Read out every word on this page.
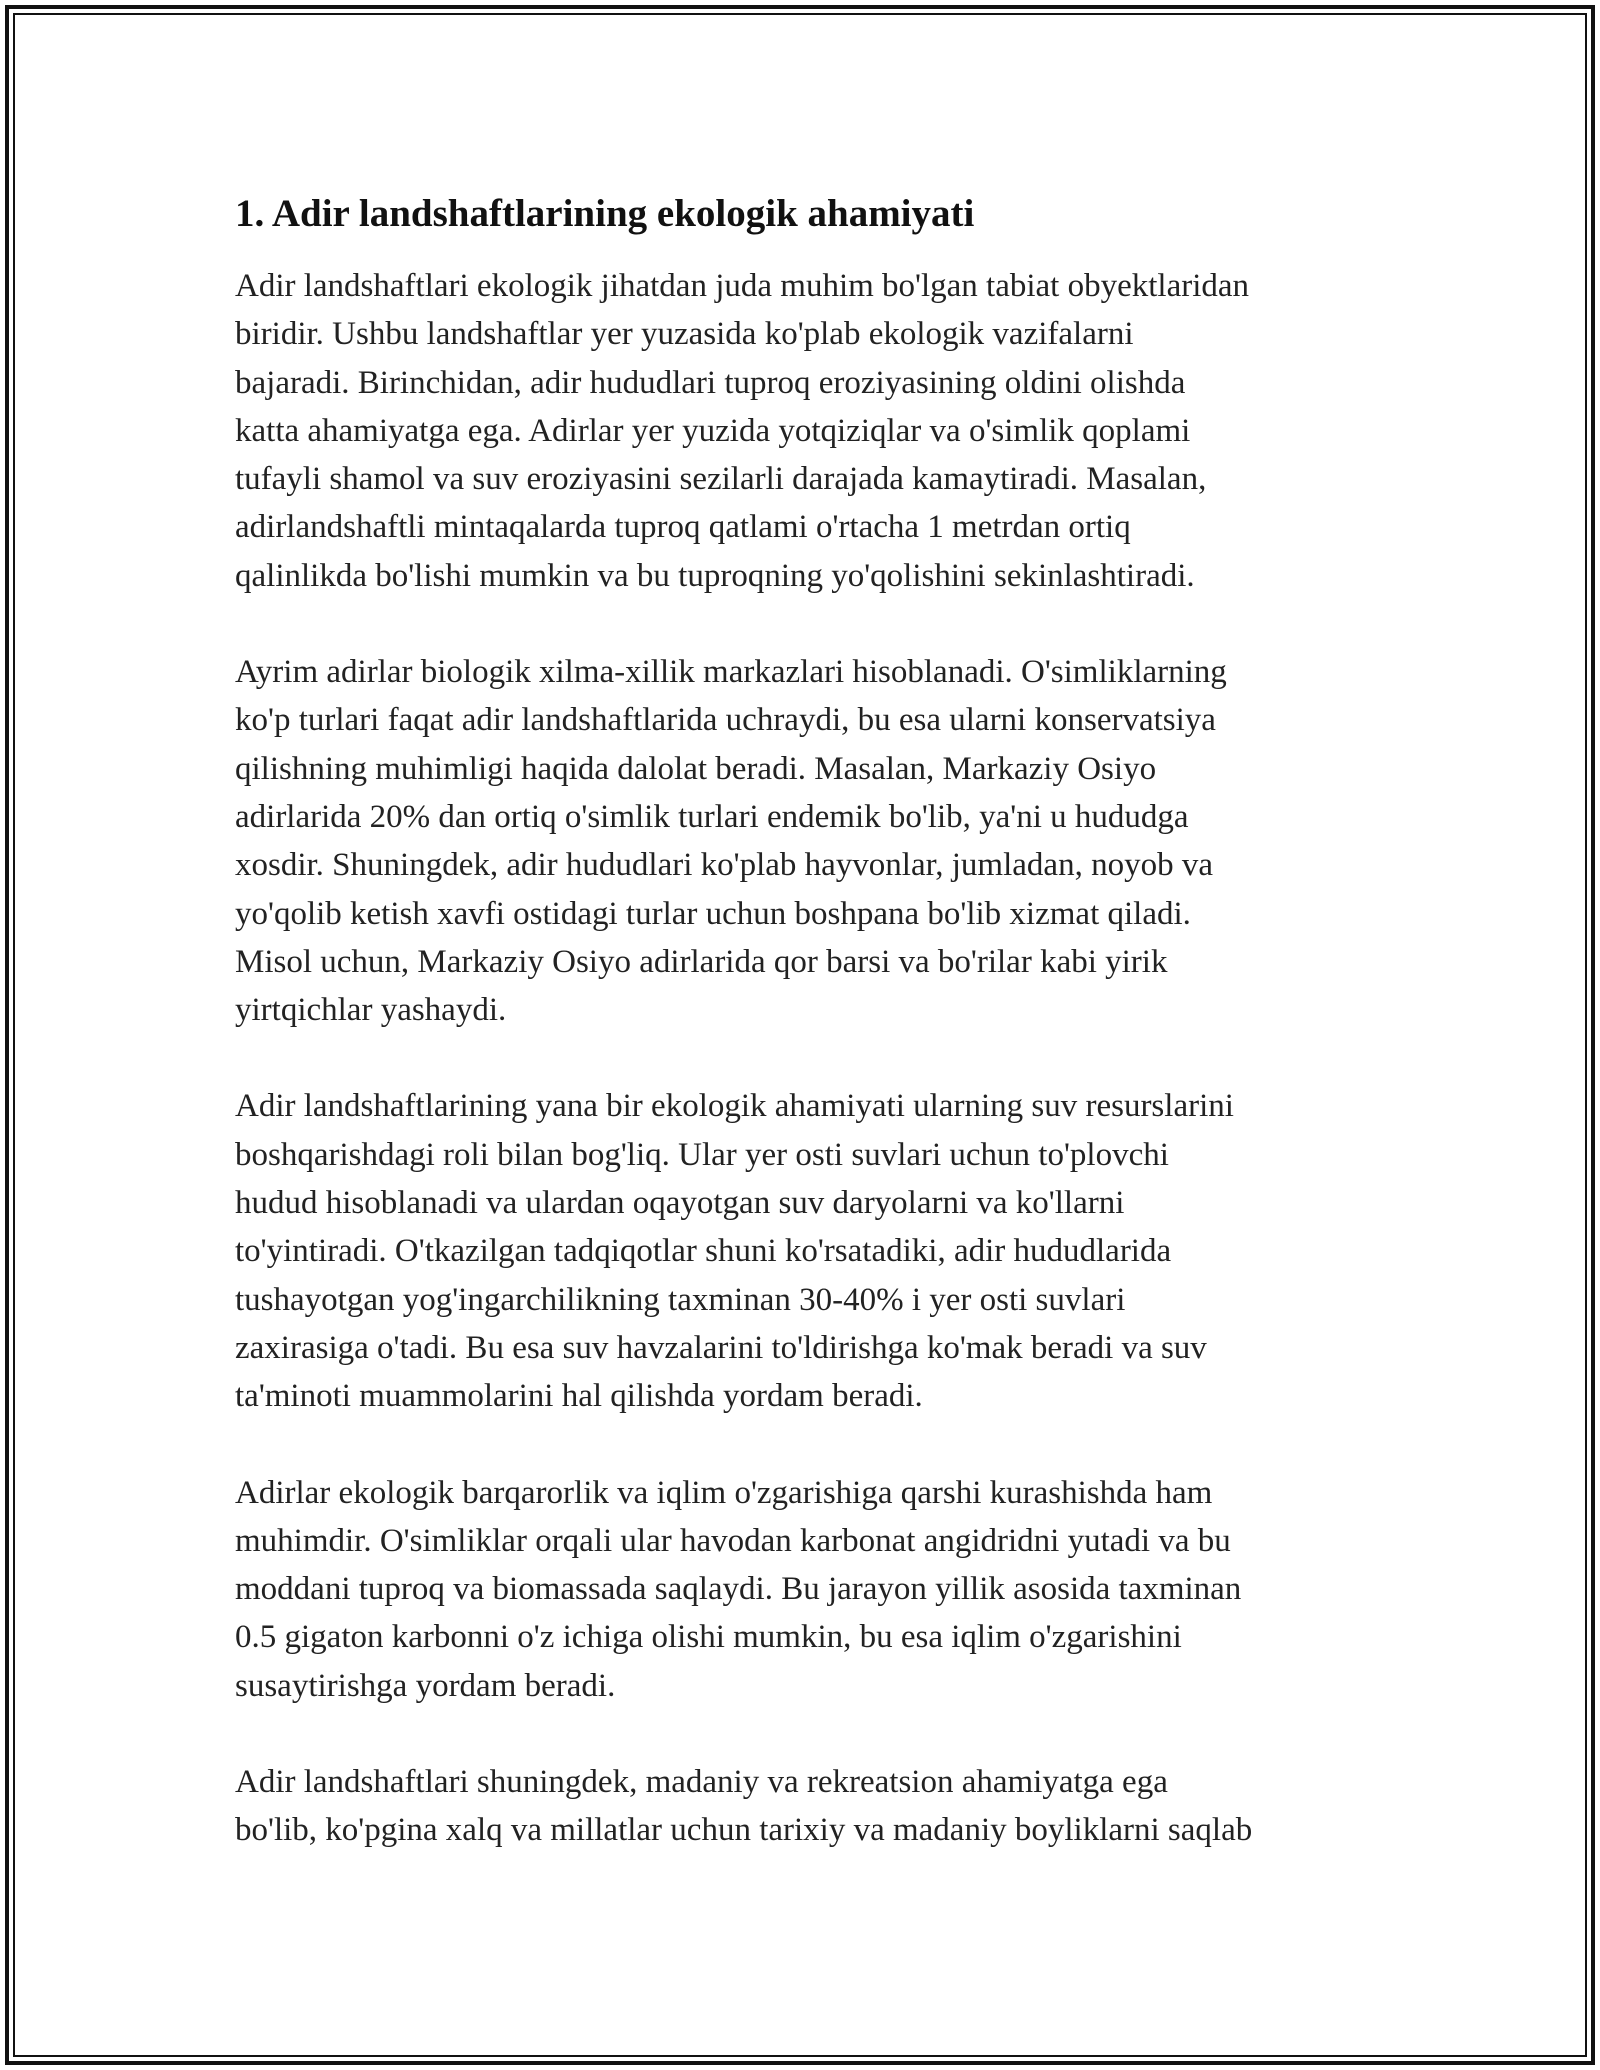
1. Adir landshaftlarining ekologik ahamiyati
Adir landshaftlari ekologik jihatdan juda muhim bo'lgan tabiat obyektlaridan
biridir. Ushbu landshaftlar yer yuzasida ko'plab ekologik vazifalarni
bajaradi. Birinchidan, adir hududlari tuproq eroziyasining oldini olishda
katta ahamiyatga ega. Adirlar yer yuzida yotqiziqlar va o'simlik qoplami
tufayli shamol va suv eroziyasini sezilarli darajada kamaytiradi. Masalan,
adirlandshaftli mintaqalarda tuproq qatlami o'rtacha 1 metrdan ortiq
qalinlikda bo'lishi mumkin va bu tuproqning yo'qolishini sekinlashtiradi.
Ayrim adirlar biologik xilma-xillik markazlari hisoblanadi. O'simliklarning
ko'p turlari faqat adir landshaftlarida uchraydi, bu esa ularni konservatsiya
qilishning muhimligi haqida dalolat beradi. Masalan, Markaziy Osiyo
adirlarida 20% dan ortiq o'simlik turlari endemik bo'lib, ya'ni u hududga
xosdir. Shuningdek, adir hududlari ko'plab hayvonlar, jumladan, noyob va
yo'qolib ketish xavfi ostidagi turlar uchun boshpana bo'lib xizmat qiladi.
Misol uchun, Markaziy Osiyo adirlarida qor barsi va bo'rilar kabi yirik
yirtqichlar yashaydi.
Adir landshaftlarining yana bir ekologik ahamiyati ularning suv resurslarini
boshqarishdagi roli bilan bog'liq. Ular yer osti suvlari uchun to'plovchi
hudud hisoblanadi va ulardan oqayotgan suv daryolarni va ko'llarni
to'yintiradi. O'tkazilgan tadqiqotlar shuni ko'rsatadiki, adir hududlarida
tushayotgan yog'ingarchilikning taxminan 30-40% i yer osti suvlari
zaxirasiga o'tadi. Bu esa suv havzalarini to'ldirishga ko'mak beradi va suv
ta'minoti muammolarini hal qilishda yordam beradi.
Adirlar ekologik barqarorlik va iqlim o'zgarishiga qarshi kurashishda ham
muhimdir. O'simliklar orqali ular havodan karbonat angidridni yutadi va bu
moddani tuproq va biomassada saqlaydi. Bu jarayon yillik asosida taxminan
0.5 gigaton karbonni o'z ichiga olishi mumkin, bu esa iqlim o'zgarishini
susaytirishga yordam beradi.
Adir landshaftlari shuningdek, madaniy va rekreatsion ahamiyatga ega
bo'lib, ko'pgina xalq va millatlar uchun tarixiy va madaniy boyliklarni saqlab
